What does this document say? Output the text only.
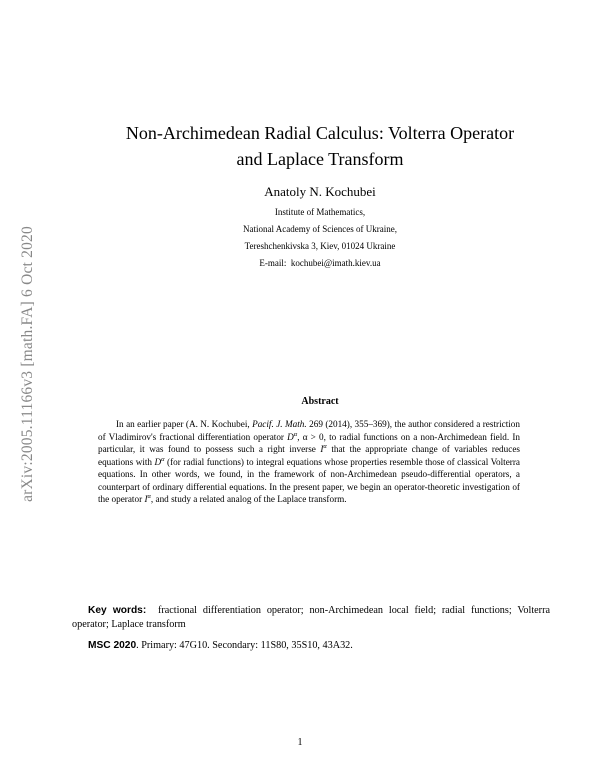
arXiv:2005.11166v3 [math.FA] 6 Oct 2020
Non-Archimedean Radial Calculus: Volterra Operator
and Laplace Transform
Anatoly N. Kochubei
Institute of Mathematics,
National Academy of Sciences of Ukraine,
Tereshchenkivska 3, Kiev, 01024 Ukraine
E-mail: kochubei@imath.kiev.ua
Abstract
In an earlier paper (A. N. Kochubei, Pacif. J. Math. 269 (2014), 355–369), the author considered a restriction of Vladimirov's fractional differentiation operator $D^\alpha$, α > 0, to radial functions on a non-Archimedean field. In particular, it was found to possess such a right inverse $I^\alpha$ that the appropriate change of variables reduces equations with $D^\alpha$ (for radial functions) to integral equations whose properties resemble those of classical Volterra equations. In other words, we found, in the framework of non-Archimedean pseudo-differential operators, a counterpart of ordinary differential equations. In the present paper, we begin an operator-theoretic investigation of the operator $I^\alpha$, and study a related analog of the Laplace transform.
Key words: fractional differentiation operator; non-Archimedean local field; radial functions; Volterra operator; Laplace transform
MSC 2020. Primary: 47G10. Secondary: 11S80, 35S10, 43A32.
1
